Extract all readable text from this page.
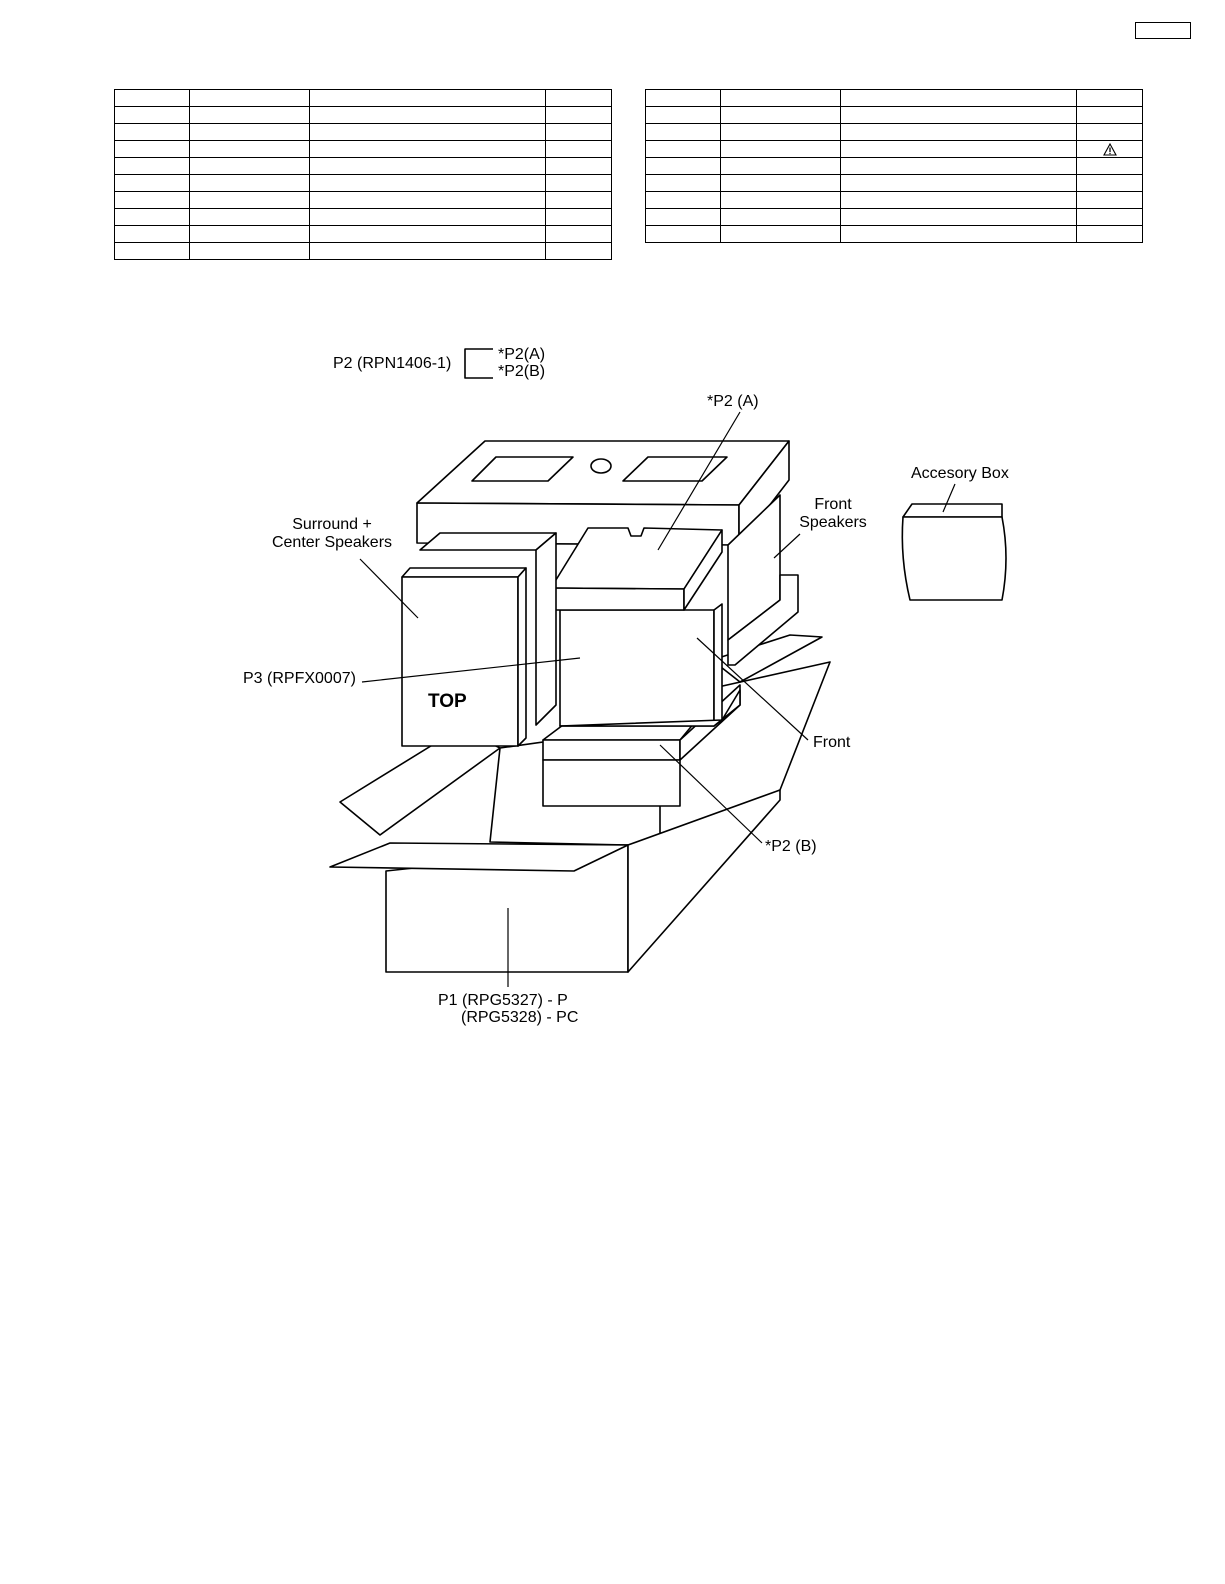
P2 (RPN1406-1)
*P2(A)
*P2(B)
*P2 (A)
Accesory Box
Front
Speakers
Surround +
Center Speakers
P3 (RPFX0007)
TOP
Front
*P2 (B)
P1 (RPG5327) - P
(RPG5328) - PC
